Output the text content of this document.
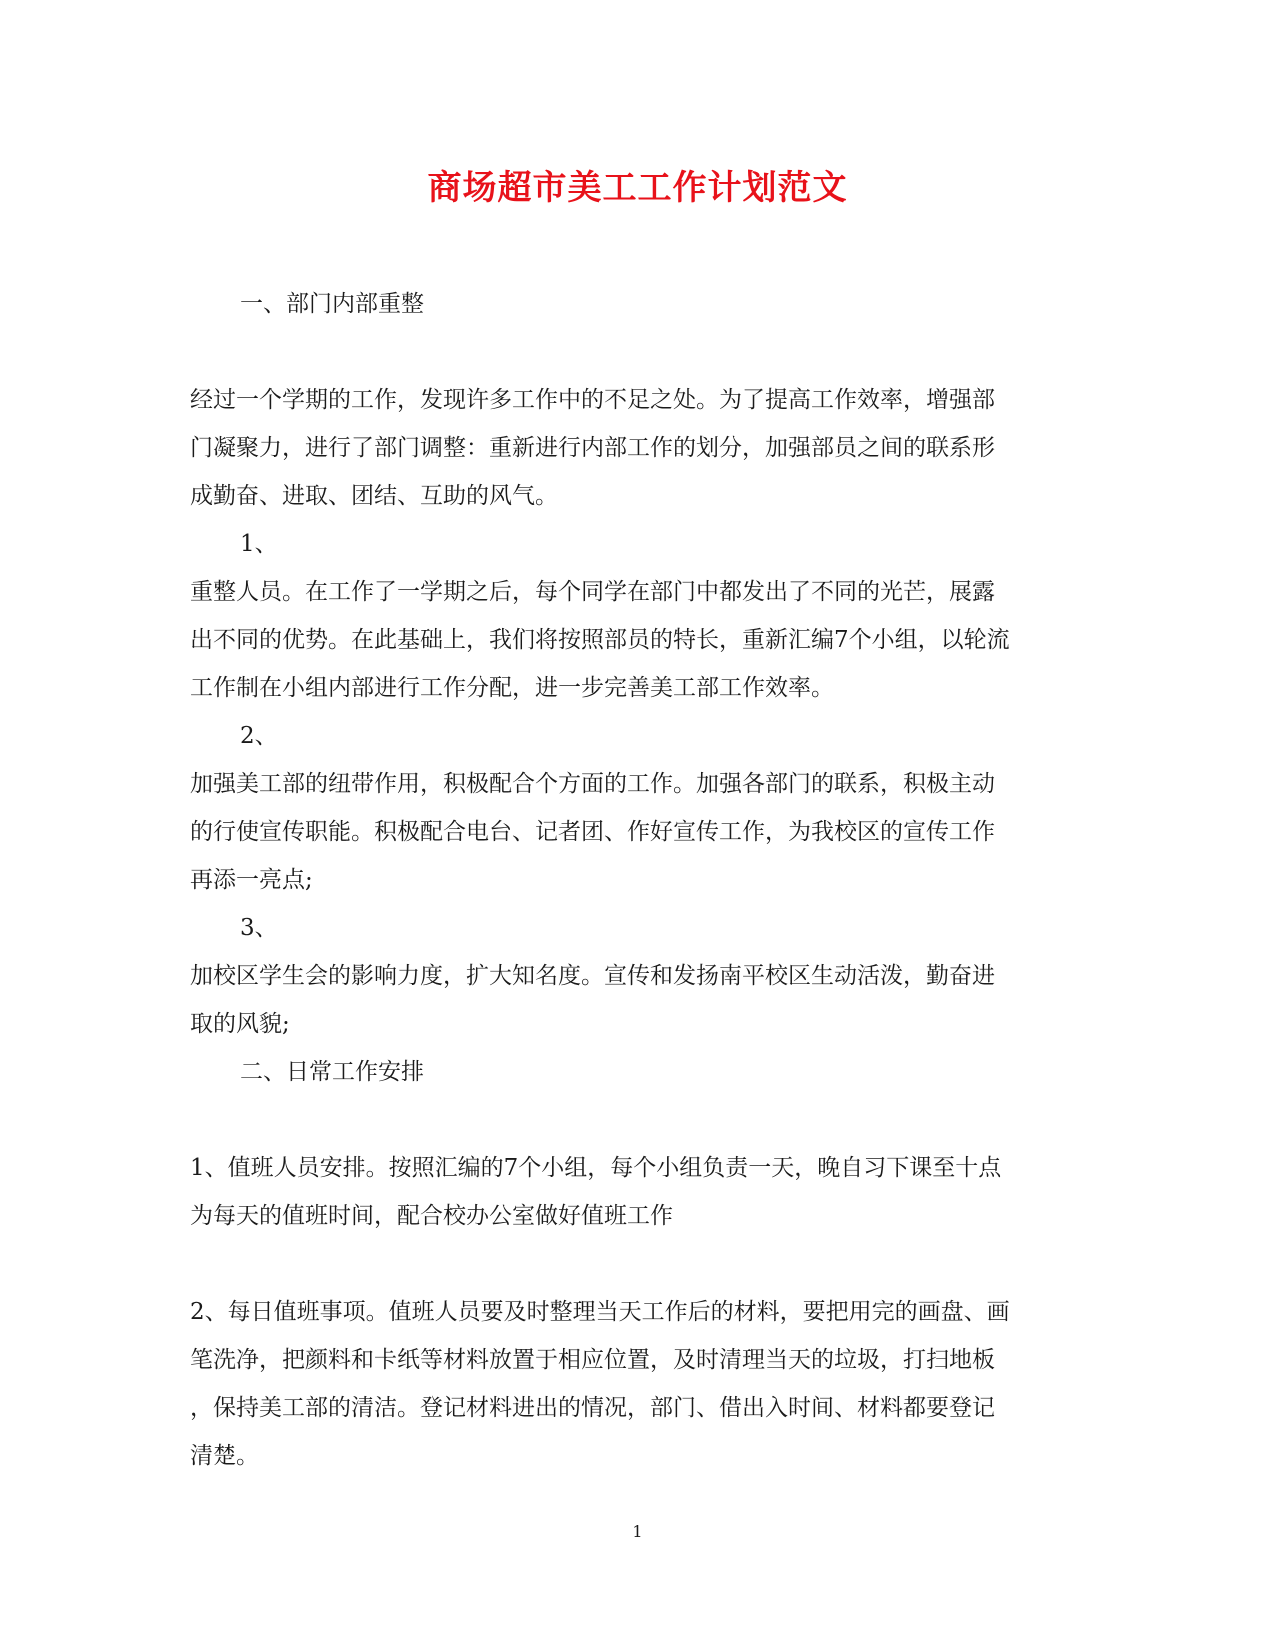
商场超市美工工作计划范文

一、部门内部重整

经过一个学期的工作，发现许多工作中的不足之处。为了提高工作效率，增强部

门凝聚力，进行了部门调整：重新进行内部工作的划分，加强部员之间的联系形

成勤奋、进取、团结、互助的风气。

1、

重整人员。在工作了一学期之后，每个同学在部门中都发出了不同的光芒，展露

出不同的优势。在此基础上，我们将按照部员的特长，重新汇编7个小组，以轮流

工作制在小组内部进行工作分配，进一步完善美工部工作效率。

2、

加强美工部的纽带作用，积极配合个方面的工作。加强各部门的联系，积极主动

的行使宣传职能。积极配合电台、记者团、作好宣传工作，为我校区的宣传工作

再添一亮点;

3、

加校区学生会的影响力度，扩大知名度。宣传和发扬南平校区生动活泼，勤奋进

取的风貌;

二、日常工作安排

1、值班人员安排。按照汇编的7个小组，每个小组负责一天，晚自习下课至十点

为每天的值班时间，配合校办公室做好值班工作

2、每日值班事项。值班人员要及时整理当天工作后的材料，要把用完的画盘、画

笔洗净，把颜料和卡纸等材料放置于相应位置，及时清理当天的垃圾，打扫地板

，保持美工部的清洁。登记材料进出的情况，部门、借出入时间、材料都要登记

清楚。

1
